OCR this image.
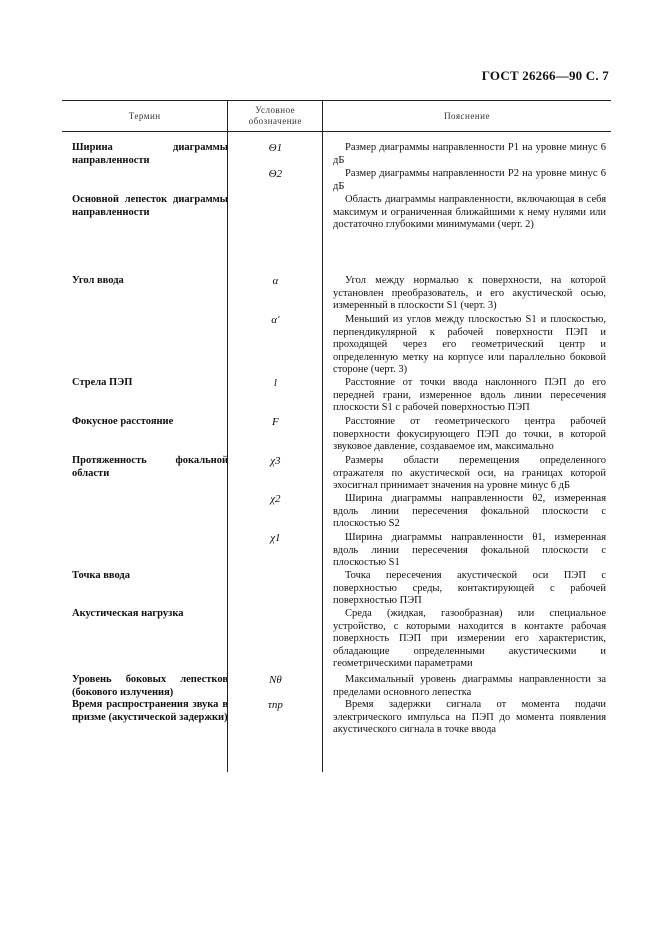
ГОСТ 26266—90 С. 7
Термин
Условное
обозначение
Пояснение
Ширина диаграммы направленности
Основной лепесток диаграммы направленности
Угол ввода
Стрела ПЭП
Фокусное расстояние
Протяженность фокальной области
Точка ввода
Акустическая нагрузка
Уровень боковых лепестков (бокового излучения)
Время распространения звука в призме (акустической задержки)
Θ1
Θ2
α
α′
l
F
χ3
χ2
χ1
Nθ
τпр
Размер диаграммы направленности P1 на уровне минус 6 дБ
Размер диаграммы направленности P2 на уровне минус 6 дБ
Область диаграммы направленности, включающая в себя максимум и ограниченная ближайшими к нему нулями или достаточно глубокими минимумами (черт. 2)
Угол между нормалью к поверхности, на которой установлен преобразователь, и его акустической осью, измеренный в плоскости S1 (черт. 3)
Меньший из углов между плоскостью S1 и плоскостью, перпендикулярной к рабочей поверхности ПЭП и проходящей через его геометрический центр и определенную метку на корпусе или параллельно боковой стороне (черт. 3)
Расстояние от точки ввода наклонного ПЭП до его передней грани, измеренное вдоль линии пересечения плоскости S1 с рабочей поверхностью ПЭП
Расстояние от геометрического центра рабочей поверхности фокусирующего ПЭП до точки, в которой звуковое давление, создаваемое им, максимально
Размеры области перемещения определенного отражателя по акустической оси, на границах которой эхосигнал принимает значения на уровне минус 6 дБ
Ширина диаграммы направленности θ2, измеренная вдоль линии пересечения фокальной плоскости с плоскостью S2
Ширина диаграммы направленности θ1, измеренная вдоль линии пересечения фокальной плоскости с плоскостью S1
Точка пересечения акустической оси ПЭП с поверхностью среды, контактирующей с рабочей поверхностью ПЭП
Среда (жидкая, газообразная) или специальное устройство, с которыми находится в контакте рабочая поверхность ПЭП при измерении его характеристик, обладающие определенными акустическими и геометрическими параметрами
Максимальный уровень диаграммы направленности за пределами основного лепестка
Время задержки сигнала от момента подачи электрического импульса на ПЭП до момента появления акустического сигнала в точке ввода
